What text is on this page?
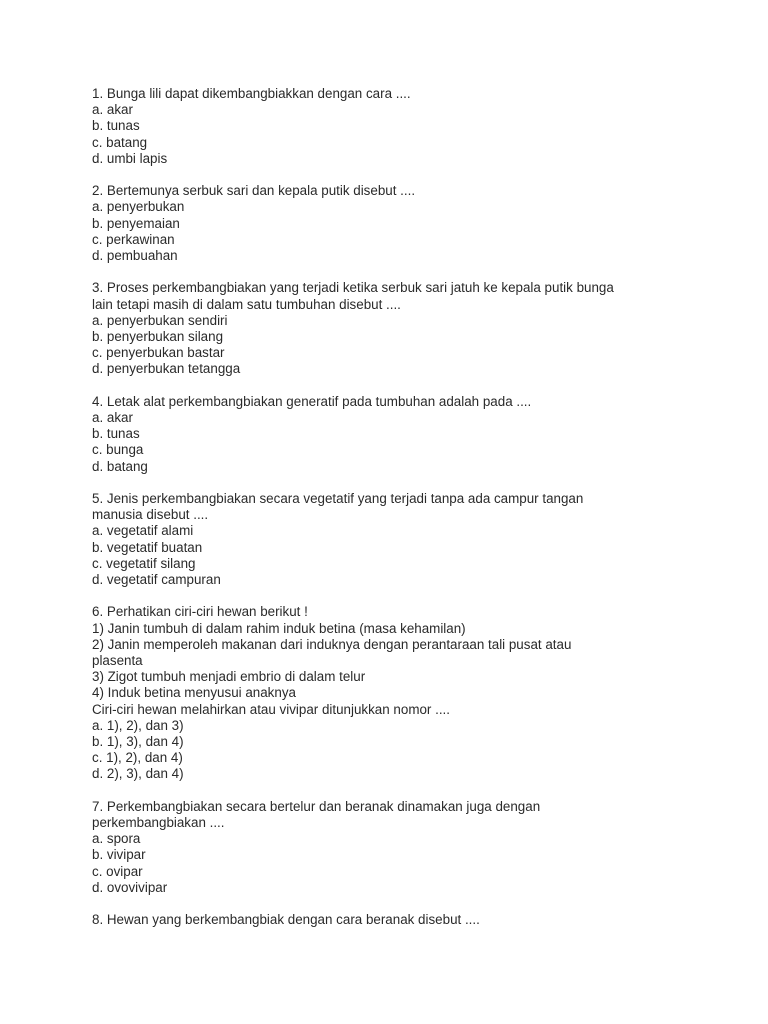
1. Bunga lili dapat dikembangbiakkan dengan cara ....
a. akar
b. tunas
c. batang
d. umbi lapis
2. Bertemunya serbuk sari dan kepala putik disebut ....
a. penyerbukan
b. penyemaian
c. perkawinan
d. pembuahan
3. Proses perkembangbiakan yang terjadi ketika serbuk sari jatuh ke kepala putik bunga
lain tetapi masih di dalam satu tumbuhan disebut ....
a. penyerbukan sendiri
b. penyerbukan silang
c. penyerbukan bastar
d. penyerbukan tetangga
4. Letak alat perkembangbiakan generatif pada tumbuhan adalah pada ....
a. akar
b. tunas
c. bunga
d. batang
5. Jenis perkembangbiakan secara vegetatif yang terjadi tanpa ada campur tangan
manusia disebut ....
a. vegetatif alami
b. vegetatif buatan
c. vegetatif silang
d. vegetatif campuran
6. Perhatikan ciri-ciri hewan berikut !
1) Janin tumbuh di dalam rahim induk betina (masa kehamilan)
2) Janin memperoleh makanan dari induknya dengan perantaraan tali pusat atau
plasenta
3) Zigot tumbuh menjadi embrio di dalam telur
4) Induk betina menyusui anaknya
Ciri-ciri hewan melahirkan atau vivipar ditunjukkan nomor ....
a. 1), 2), dan 3)
b. 1), 3), dan 4)
c. 1), 2), dan 4)
d. 2), 3), dan 4)
7. Perkembangbiakan secara bertelur dan beranak dinamakan juga dengan
perkembangbiakan ....
a. spora
b. vivipar
c. ovipar
d. ovovivipar
8. Hewan yang berkembangbiak dengan cara beranak disebut ....
